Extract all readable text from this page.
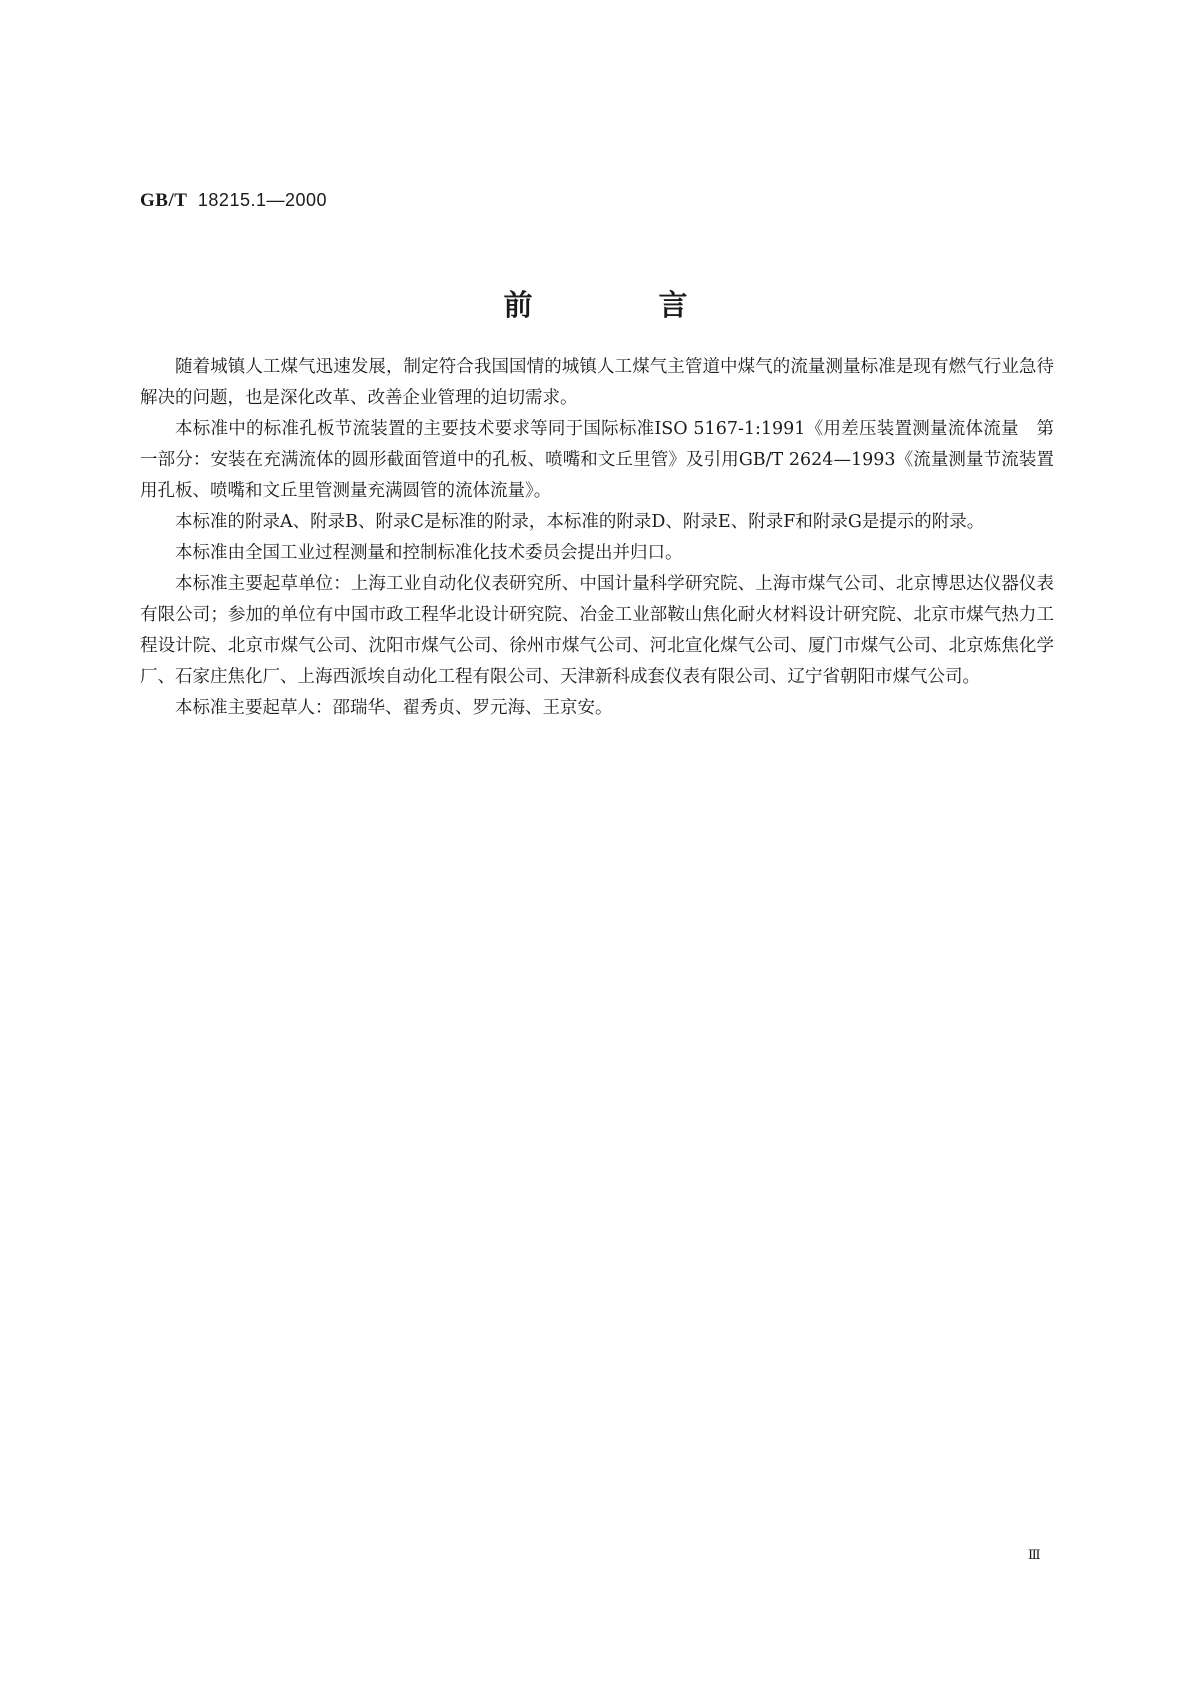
GB/T 18215.1—2000
前 言

随着城镇人工煤气迅速发展，制定符合我国国情的城镇人工煤气主管道中煤气的流量测量标准是现有燃气行业急待解决的问题，也是深化改革、改善企业管理的迫切需求。

本标准中的标准孔板节流装置的主要技术要求等同于国际标准ISO 5167-1:1991《用差压装置测量流体流量　第一部分：安装在充满流体的圆形截面管道中的孔板、喷嘴和文丘里管》及引用GB/T 2624—1993《流量测量节流装置　用孔板、喷嘴和文丘里管测量充满圆管的流体流量》。

本标准的附录A、附录B、附录C是标准的附录，本标准的附录D、附录E、附录F和附录G是提示的附录。

本标准由全国工业过程测量和控制标准化技术委员会提出并归口。

本标准主要起草单位：上海工业自动化仪表研究所、中国计量科学研究院、上海市煤气公司、北京博思达仪器仪表有限公司；参加的单位有中国市政工程华北设计研究院、冶金工业部鞍山焦化耐火材料设计研究院、北京市煤气热力工程设计院、北京市煤气公司、沈阳市煤气公司、徐州市煤气公司、河北宣化煤气公司、厦门市煤气公司、北京炼焦化学厂、石家庄焦化厂、上海西派埃自动化工程有限公司、天津新科成套仪表有限公司、辽宁省朝阳市煤气公司。

本标准主要起草人：邵瑞华、翟秀贞、罗元海、王京安。

Ⅲ
